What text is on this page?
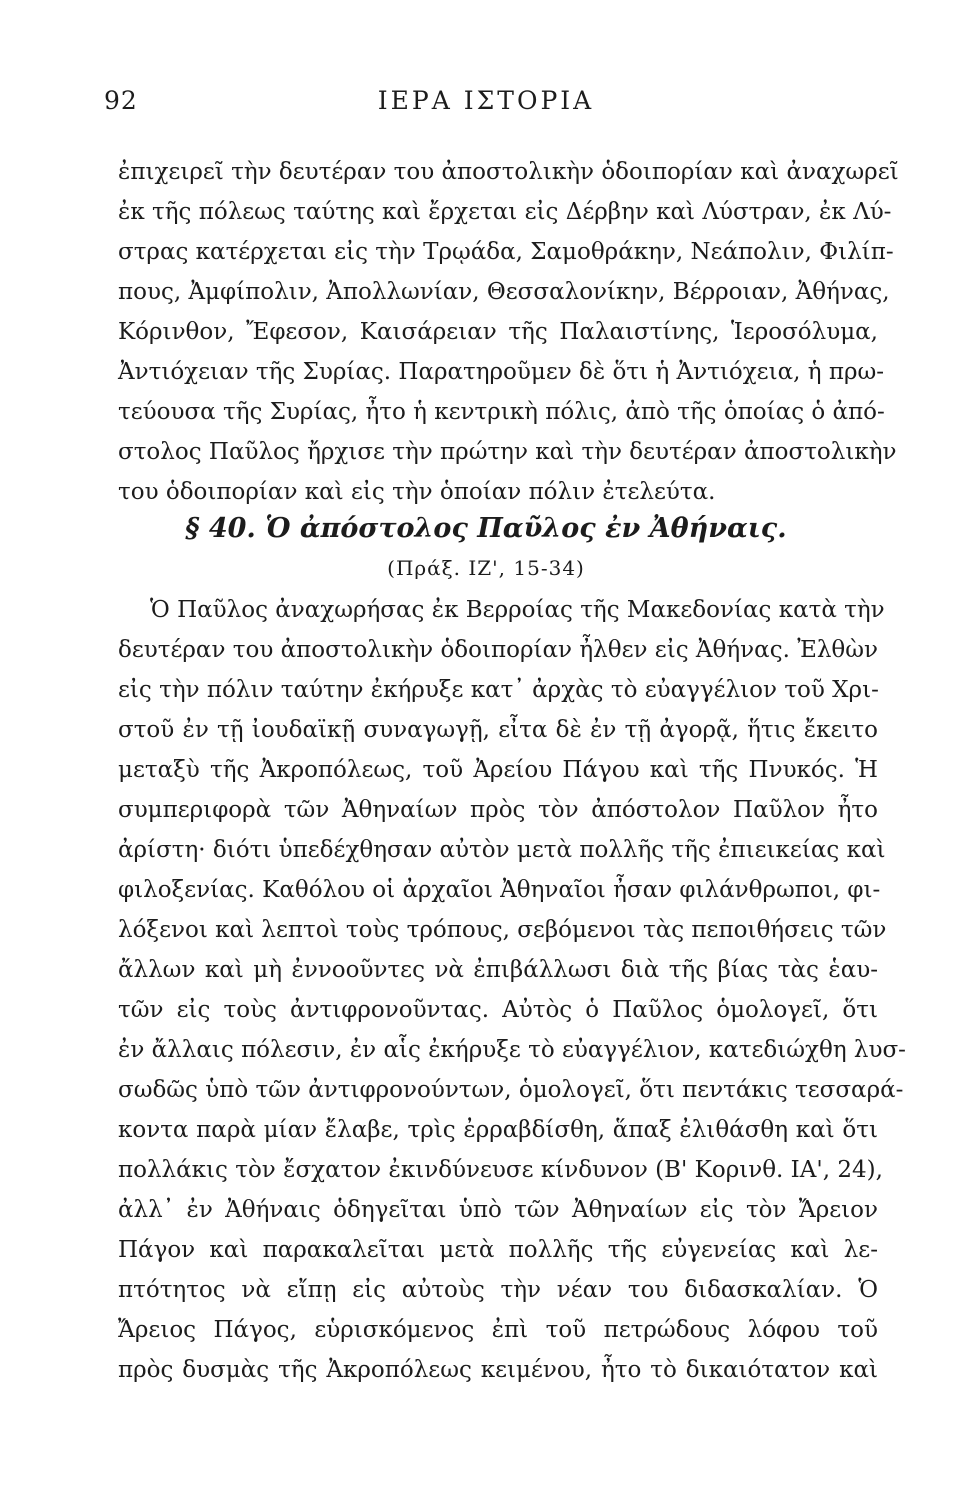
92	ΙΕΡΑ ΙΣΤΟΡΙΑ
ἐπιχειρεῖ τὴν δευτέραν του ἀποστολικὴν ὁδοιπορίαν καὶ ἀναχωρεῖ
ἐκ τῆς πόλεως ταύτης καὶ ἔρχεται εἰς Δέρβην καὶ Λύστραν, ἐκ Λύ-
στρας κατέρχεται εἰς τὴν Τρῳάδα, Σαμοθράκην, Νεάπολιν, Φιλίπ-
πους, Ἀμφίπολιν, Ἀπολλωνίαν, Θεσσαλονίκην, Βέρροιαν, Ἀθήνας,
Κόρινθον, Ἔφεσον, Καισάρειαν τῆς Παλαιστίνης, Ἱεροσόλυμα,
Ἀντιόχειαν τῆς Συρίας. Παρατηροῦμεν δὲ ὅτι ἡ Ἀντιόχεια, ἡ πρω-
τεύουσα τῆς Συρίας, ἦτο ἡ κεντρικὴ πόλις, ἀπὸ τῆς ὁποίας ὁ ἀπό-
στολος Παῦλος ἤρχισε τὴν πρώτην καὶ τὴν δευτέραν ἀποστολικὴν
του ὁδοιπορίαν καὶ εἰς τὴν ὁποίαν πόλιν ἐτελεύτα.
§ 40. Ὁ ἀπόστολος Παῦλος ἐν Ἀθήναις.
(Πράξ. ΙΖ', 15-34)
Ὁ Παῦλος ἀναχωρήσας ἐκ Βερροίας τῆς Μακεδονίας κατὰ τὴν
δευτέραν του ἀποστολικὴν ὁδοιπορίαν ἦλθεν εἰς Ἀθήνας. Ἐλθὼν
εἰς τὴν πόλιν ταύτην ἐκήρυξε κατ᾽ ἀρχὰς τὸ εὐαγγέλιον τοῦ Χρι-
στοῦ ἐν τῇ ἰουδαϊκῇ συναγωγῇ, εἶτα δὲ ἐν τῇ ἀγορᾷ, ἥτις ἔκειτο
μεταξὺ τῆς Ἀκροπόλεως, τοῦ Ἀρείου Πάγου καὶ τῆς Πνυκός. Ἡ
συμπεριφορὰ τῶν Ἀθηναίων πρὸς τὸν ἀπόστολον Παῦλον ἦτο
ἀρίστη· διότι ὑπεδέχθησαν αὐτὸν μετὰ πολλῆς τῆς ἐπιεικείας καὶ
φιλοξενίας. Καθόλου οἱ ἀρχαῖοι Ἀθηναῖοι ἦσαν φιλάνθρωποι, φι-
λόξενοι καὶ λεπτοὶ τοὺς τρόπους, σεβόμενοι τὰς πεποιθήσεις τῶν
ἄλλων καὶ μὴ ἐννοοῦντες νὰ ἐπιβάλλωσι διὰ τῆς βίας τὰς ἑαυ-
τῶν εἰς τοὺς ἀντιφρονοῦντας. Αὐτὸς ὁ Παῦλος ὁμολογεῖ, ὅτι
ἐν ἄλλαις πόλεσιν, ἐν αἷς ἐκήρυξε τὸ εὐαγγέλιον, κατεδιώχθη λυσ-
σωδῶς ὑπὸ τῶν ἀντιφρονούντων, ὁμολογεῖ, ὅτι πεντάκις τεσσαρά-
κοντα παρὰ μίαν ἔλαβε, τρὶς ἐρραβδίσθη, ἅπαξ ἐλιθάσθη καὶ ὅτι
πολλάκις τὸν ἔσχατον ἐκινδύνευσε κίνδυνον (Β' Κορινθ. ΙΑ', 24),
ἀλλ᾽ ἐν Ἀθήναις ὁδηγεῖται ὑπὸ τῶν Ἀθηναίων εἰς τὸν Ἄρειον
Πάγον καὶ παρακαλεῖται μετὰ πολλῆς τῆς εὐγενείας καὶ λε-
πτότητος νὰ εἴπῃ εἰς αὐτοὺς τὴν νέαν του διδασκαλίαν. Ὁ
Ἄρειος Πάγος, εὑρισκόμενος ἐπὶ τοῦ πετρώδους λόφου τοῦ
πρὸς δυσμὰς τῆς Ἀκροπόλεως κειμένου, ἦτο τὸ δικαιότατον καὶ
